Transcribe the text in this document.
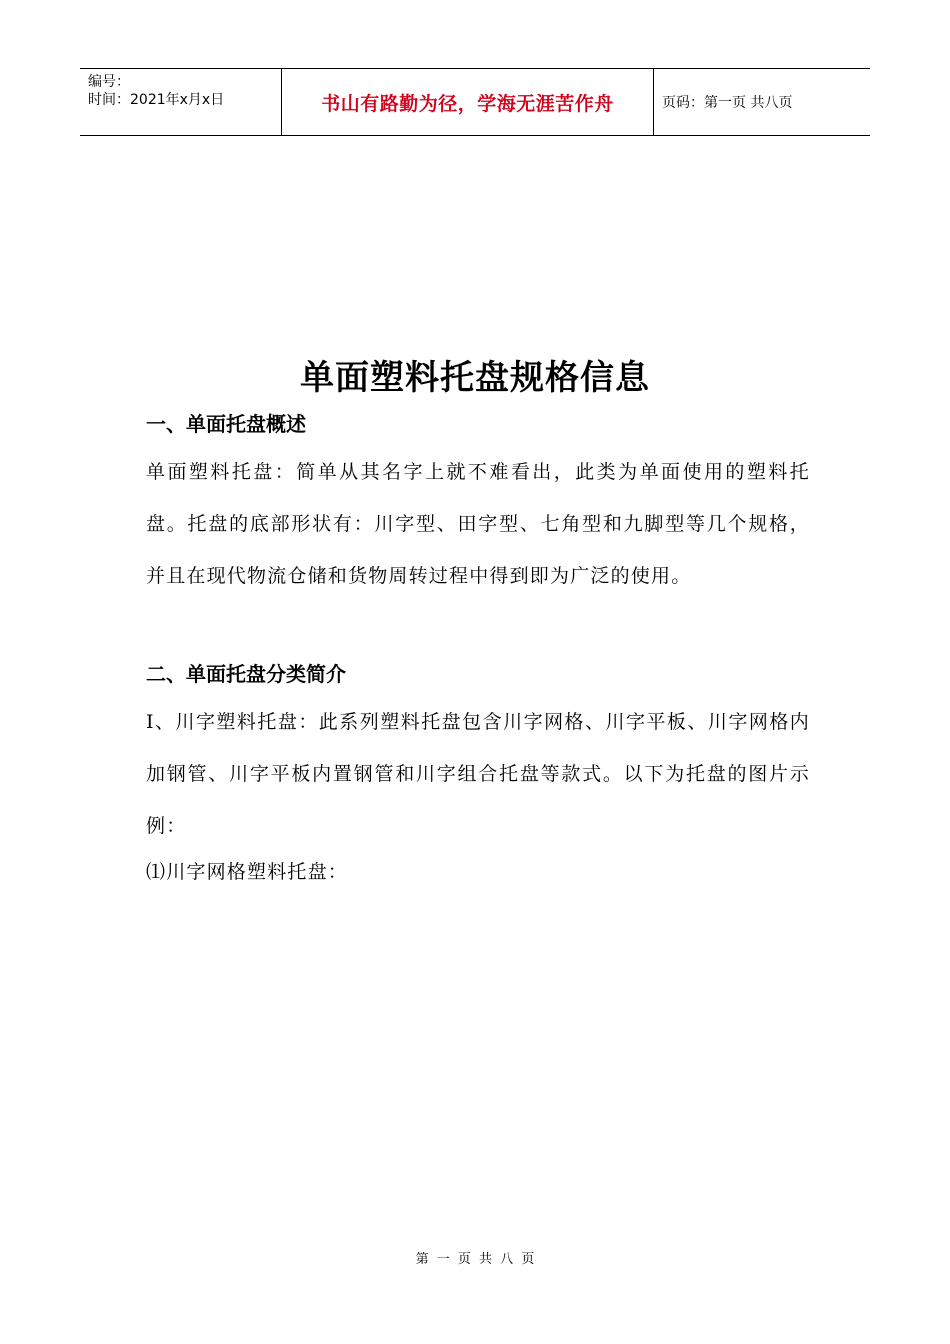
编号：
时间：2021年x月x日	书山有路勤为径，学海无涯苦作舟	页码：第一页 共八页
单面塑料托盘规格信息
一、单面托盘概述
单面塑料托盘：简单从其名字上就不难看出，此类为单面使用的塑料托盘。托盘的底部形状有：川字型、田字型、七角型和九脚型等几个规格，并且在现代物流仓储和货物周转过程中得到即为广泛的使用。
二、单面托盘分类简介
Ⅰ、川字塑料托盘：此系列塑料托盘包含川字网格、川字平板、川字网格内加钢管、川字平板内置钢管和川字组合托盘等款式。以下为托盘的图片示例：
⑴川字网格塑料托盘：
第 一 页 共 八 页
